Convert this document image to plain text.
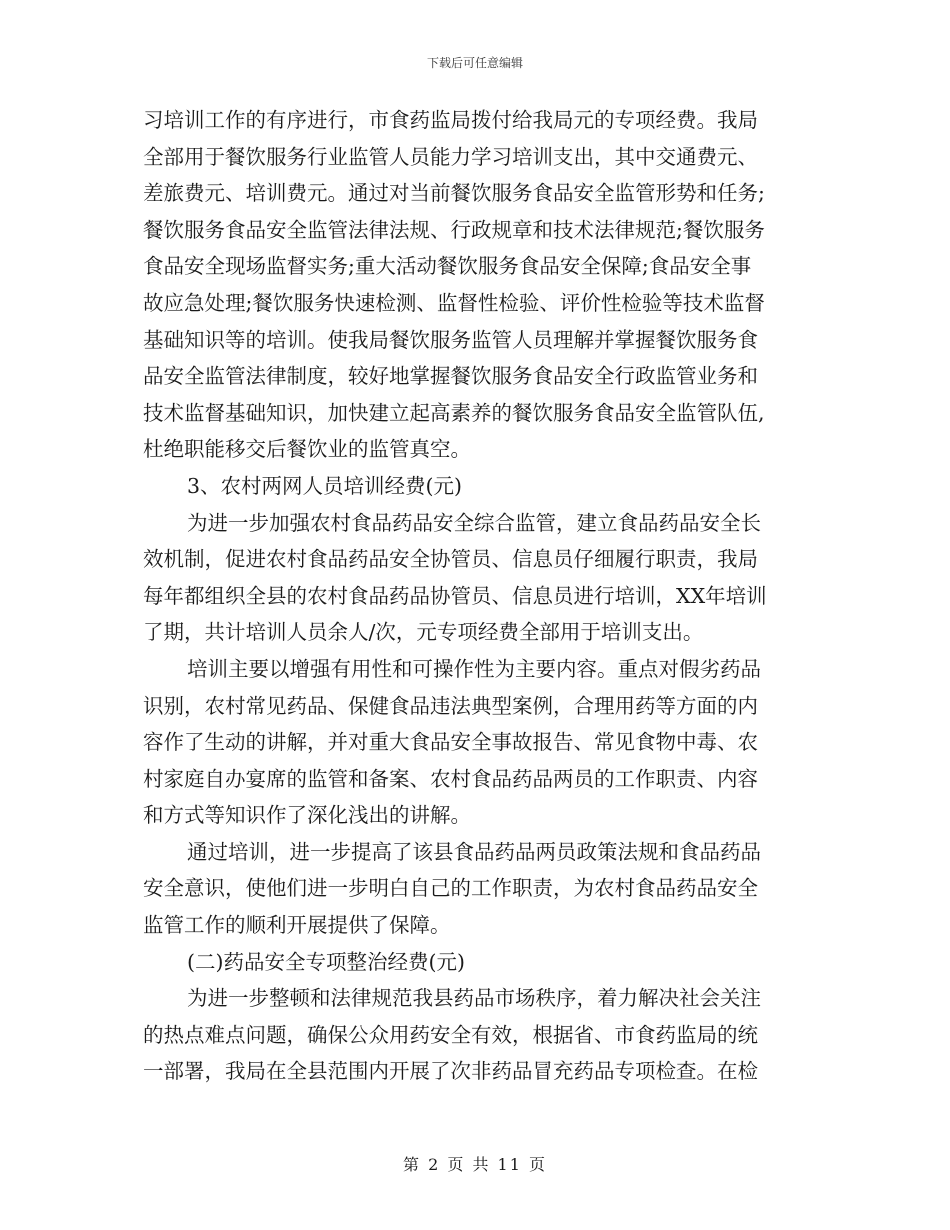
下载后可任意编辑
习培训工作的有序进行，市食药监局拨付给我局元的专项经费。我局
全部用于餐饮服务行业监管人员能力学习培训支出，其中交通费元、
差旅费元、培训费元。通过对当前餐饮服务食品安全监管形势和任务;
餐饮服务食品安全监管法律法规、行政规章和技术法律规范;餐饮服务
食品安全现场监督实务;重大活动餐饮服务食品安全保障;食品安全事
故应急处理;餐饮服务快速检测、监督性检验、评价性检验等技术监督
基础知识等的培训。使我局餐饮服务监管人员理解并掌握餐饮服务食
品安全监管法律制度，较好地掌握餐饮服务食品安全行政监管业务和
技术监督基础知识，加快建立起高素养的餐饮服务食品安全监管队伍,
杜绝职能移交后餐饮业的监管真空。
3、农村两网人员培训经费(元)
为进一步加强农村食品药品安全综合监管，建立食品药品安全长
效机制，促进农村食品药品安全协管员、信息员仔细履行职责，我局
每年都组织全县的农村食品药品协管员、信息员进行培训，XX年培训
了期，共计培训人员余人/次，元专项经费全部用于培训支出。
培训主要以增强有用性和可操作性为主要内容。重点对假劣药品
识别，农村常见药品、保健食品违法典型案例，合理用药等方面的内
容作了生动的讲解，并对重大食品安全事故报告、常见食物中毒、农
村家庭自办宴席的监管和备案、农村食品药品两员的工作职责、内容
和方式等知识作了深化浅出的讲解。
通过培训，进一步提高了该县食品药品两员政策法规和食品药品
安全意识，使他们进一步明白自己的工作职责，为农村食品药品安全
监管工作的顺利开展提供了保障。
(二)药品安全专项整治经费(元)
为进一步整顿和法律规范我县药品市场秩序，着力解决社会关注
的热点难点问题，确保公众用药安全有效，根据省、市食药监局的统
一部署，我局在全县范围内开展了次非药品冒充药品专项检查。在检
第 2 页 共 11 页
